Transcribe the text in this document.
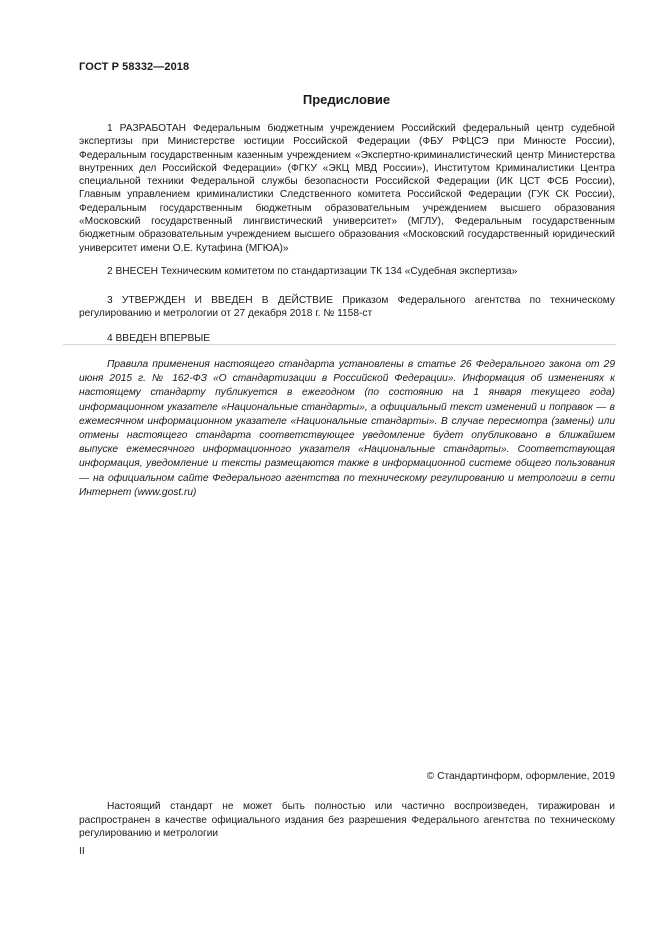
ГОСТ Р 58332—2018
Предисловие

1 РАЗРАБОТАН Федеральным бюджетным учреждением Российский федеральный центр судебной экспертизы при Министерстве юстиции Российской Федерации (ФБУ РФЦСЭ при Минюсте России), Федеральным государственным казенным учреждением «Экспертно-криминалистический центр Министерства внутренних дел Российской Федерации» (ФГКУ «ЭКЦ МВД России»), Институтом Криминалистики Центра специальной техники Федеральной службы безопасности Российской Федерации (ИК ЦСТ ФСБ России), Главным управлением криминалистики Следственного комитета Российской Федерации (ГУК СК России), Федеральным государственным бюджетным образовательным учреждением высшего образования «Московский государственный лингвистический университет» (МГЛУ), Федеральным государственным бюджетным образовательным учреждением высшего образования «Московский государственный юридический университет имени О.Е. Кутафина (МГЮА)»

2 ВНЕСЕН Техническим комитетом по стандартизации ТК 134 «Судебная экспертиза»

3 УТВЕРЖДЕН И ВВЕДЕН В ДЕЙСТВИЕ Приказом Федерального агентства по техническому регулированию и метрологии от 27 декабря 2018 г. № 1158-ст

4 ВВЕДЕН ВПЕРВЫЕ

Правила применения настоящего стандарта установлены в статье 26 Федерального закона от 29 июня 2015 г. № 162-ФЗ «О стандартизации в Российской Федерации». Информация об изменениях к настоящему стандарту публикуется в ежегодном (по состоянию на 1 января текущего года) информационном указателе «Национальные стандарты», а официальный текст изменений и поправок — в ежемесячном информационном указателе «Национальные стандарты». В случае пересмотра (замены) или отмены настоящего стандарта соответствующее уведомление будет опубликовано в ближайшем выпуске ежемесячного информационного указателя «Национальные стандарты». Соответствующая информация, уведомление и тексты размещаются также в информационной системе общего пользования — на официальном сайте Федерального агентства по техническому регулированию и метрологии в сети Интернет (www.gost.ru)

© Стандартинформ, оформление, 2019

Настоящий стандарт не может быть полностью или частично воспроизведен, тиражирован и распространен в качестве официального издания без разрешения Федерального агентства по техническому регулированию и метрологии

II
